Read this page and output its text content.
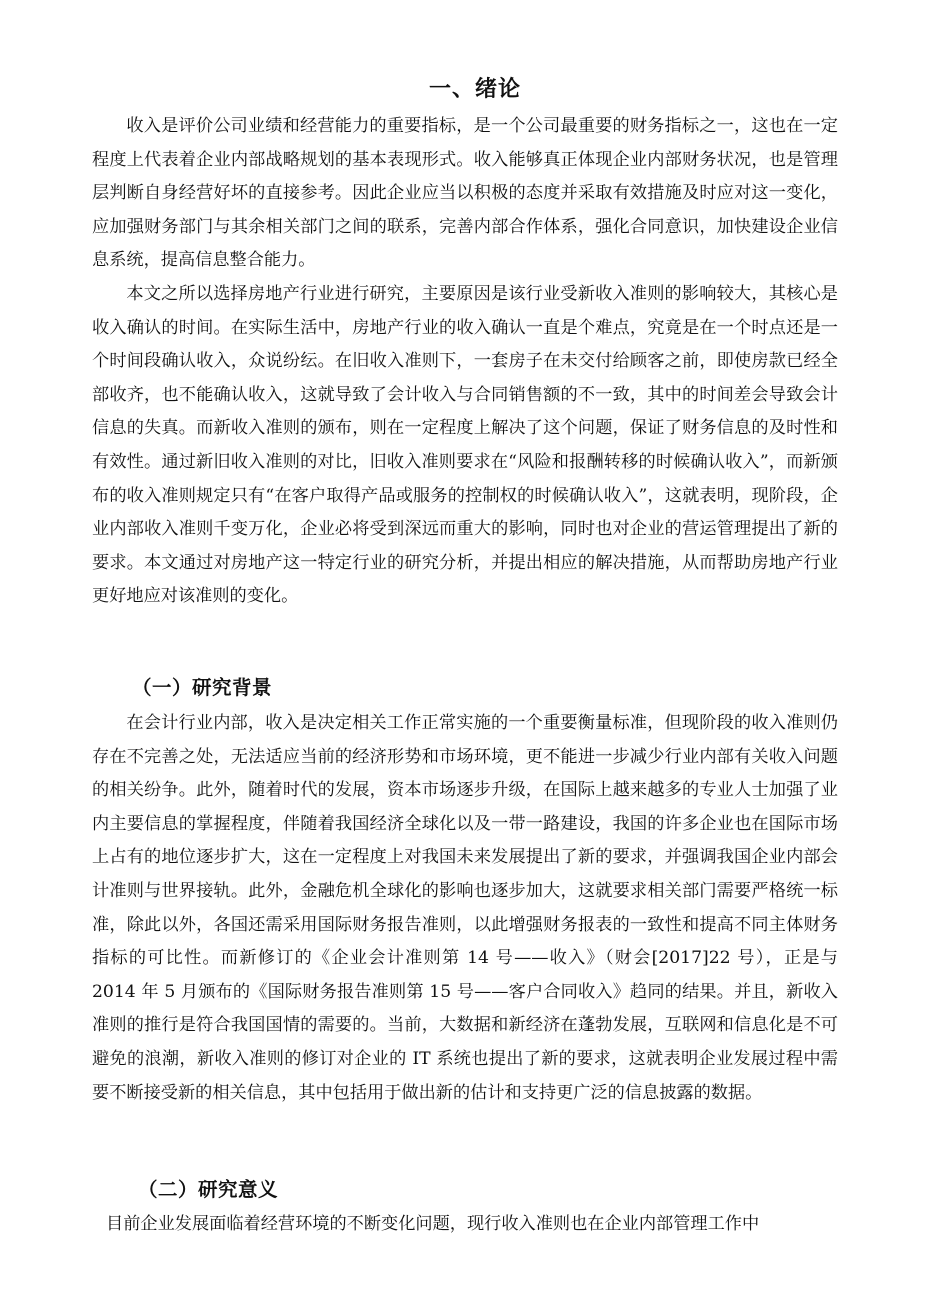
一、绪论

收入是评价公司业绩和经营能力的重要指标，是一个公司最重要的财务指标之一，这也在一定程度上代表着企业内部战略规划的基本表现形式。收入能够真正体现企业内部财务状况，也是管理层判断自身经营好坏的直接参考。因此企业应当以积极的态度并采取有效措施及时应对这一变化，应加强财务部门与其余相关部门之间的联系，完善内部合作体系，强化合同意识，加快建设企业信息系统，提高信息整合能力。

本文之所以选择房地产行业进行研究，主要原因是该行业受新收入准则的影响较大，其核心是收入确认的时间。在实际生活中，房地产行业的收入确认一直是个难点，究竟是在一个时点还是一个时间段确认收入，众说纷纭。在旧收入准则下，一套房子在未交付给顾客之前，即使房款已经全部收齐，也不能确认收入，这就导致了会计收入与合同销售额的不一致，其中的时间差会导致会计信息的失真。而新收入准则的颁布，则在一定程度上解决了这个问题，保证了财务信息的及时性和有效性。通过新旧收入准则的对比，旧收入准则要求在“风险和报酬转移的时候确认收入”，而新颁布的收入准则规定只有“在客户取得产品或服务的控制权的时候确认收入”，这就表明，现阶段，企业内部收入准则千变万化，企业必将受到深远而重大的影响，同时也对企业的营运管理提出了新的要求。本文通过对房地产这一特定行业的研究分析，并提出相应的解决措施，从而帮助房地产行业更好地应对该准则的变化。

（一）研究背景

在会计行业内部，收入是决定相关工作正常实施的一个重要衡量标准，但现阶段的收入准则仍存在不完善之处，无法适应当前的经济形势和市场环境，更不能进一步减少行业内部有关收入问题的相关纷争。此外，随着时代的发展，资本市场逐步升级，在国际上越来越多的专业人士加强了业内主要信息的掌握程度，伴随着我国经济全球化以及一带一路建设，我国的许多企业也在国际市场上占有的地位逐步扩大，这在一定程度上对我国未来发展提出了新的要求，并强调我国企业内部会计准则与世界接轨。此外，金融危机全球化的影响也逐步加大，这就要求相关部门需要严格统一标准，除此以外，各国还需采用国际财务报告准则，以此增强财务报表的一致性和提高不同主体财务指标的可比性。而新修订的《企业会计准则第 14 号——收入》（财会[2017]22 号），正是与 2014 年 5 月颁布的《国际财务报告准则第 15 号——客户合同收入》趋同的结果。并且，新收入准则的推行是符合我国国情的需要的。当前，大数据和新经济在蓬勃发展，互联网和信息化是不可避免的浪潮，新收入准则的修订对企业的 IT 系统也提出了新的要求，这就表明企业发展过程中需要不断接受新的相关信息，其中包括用于做出新的估计和支持更广泛的信息披露的数据。

（二）研究意义

目前企业发展面临着经营环境的不断变化问题，现行收入准则也在企业内部管理工作中
